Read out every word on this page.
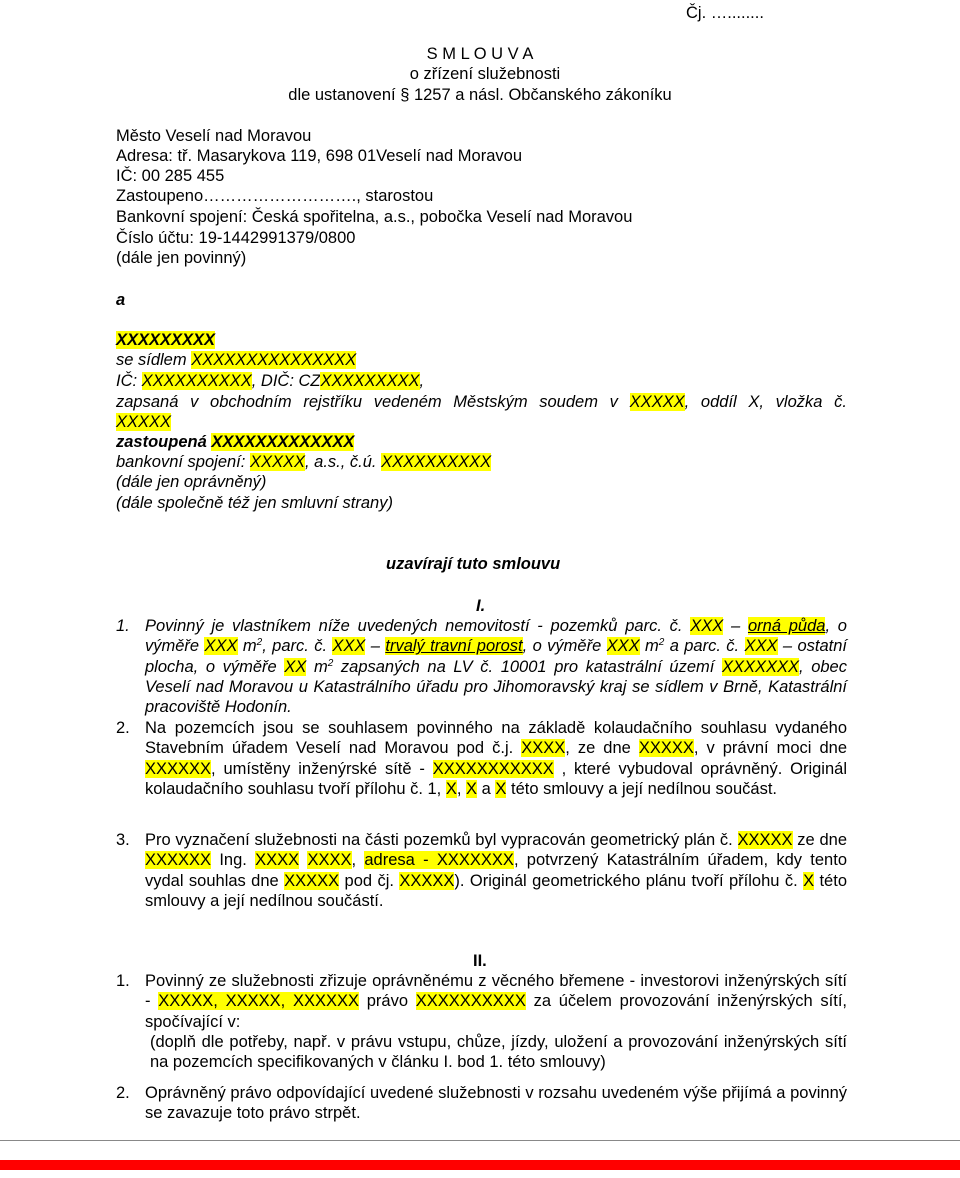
Čj. …........
S M L O U V A
o zřízení služebnosti
dle ustanovení § 1257 a násl. Občanského zákoníku
Město Veselí nad Moravou
Adresa: tř. Masarykova 119, 698 01Veselí nad Moravou
IČ: 00 285 455
Zastoupeno………………………., starostou
Bankovní spojení: Česká spořitelna, a.s., pobočka Veselí nad Moravou
Číslo účtu: 19-1442991379/0800
(dále jen povinný)
a
XXXXXXXXX
se sídlem XXXXXXXXXXXXXXX
IČ: XXXXXXXXXX, DIČ: CZXXXXXXXXX,
zapsaná v obchodním rejstříku vedeném Městským soudem v XXXXX, oddíl X, vložka č.
XXXXX
zastoupená XXXXXXXXXXXXX
bankovní spojení: XXXXX, a.s., č.ú. XXXXXXXXXX
(dále jen oprávněný)
(dále společně též jen smluvní strany)
uzavírají tuto smlouvu
I.
1. Povinný je vlastníkem níže uvedených nemovitostí - pozemků parc. č. XXX – orná půda, o výměře XXX $m^2$, parc. č. XXX – trvalý travní porost, o výměře XXX $m^2$ a parc. č. XXX – ostatní plocha, o výměře XX $m^2$ zapsaných na LV č. 10001 pro katastrální území XXXXXXX, obec Veselí nad Moravou u Katastrálního úřadu pro Jihomoravský kraj se sídlem v Brně, Katastrální pracoviště Hodonín.
2. Na pozemcích jsou se souhlasem povinného na základě kolaudačního souhlasu vydaného Stavebním úřadem Veselí nad Moravou pod č.j. XXXX, ze dne XXXXX, v právní moci dne XXXXXX, umístěny inženýrské sítě - XXXXXXXXXXX , které vybudoval oprávněný. Originál kolaudačního souhlasu tvoří přílohu č. 1, X, X a X této smlouvy a její nedílnou součást.
3. Pro vyznačení služebnosti na části pozemků byl vypracován geometrický plán č. XXXXX ze dne XXXXXX Ing. XXXX XXXX, adresa - XXXXXXX, potvrzený Katastrálním úřadem, kdy tento vydal souhlas dne XXXXX pod čj. XXXXX). Originál geometrického plánu tvoří přílohu č. X této smlouvy a její nedílnou součástí.
II.
1. Povinný ze služebnosti zřizuje oprávněnému z věcného břemene - investorovi inženýrských sítí - XXXXX, XXXXX, XXXXXX právo XXXXXXXXXX za účelem provozování inženýrských sítí, spočívající v:
(doplň dle potřeby, např. v právu vstupu, chůze, jízdy, uložení a provozování inženýrských sítí na pozemcích specifikovaných v článku I. bod 1. této smlouvy)
2. Oprávněný právo odpovídající uvedené služebnosti v rozsahu uvedeném výše přijímá a povinný se zavazuje toto právo strpět.
